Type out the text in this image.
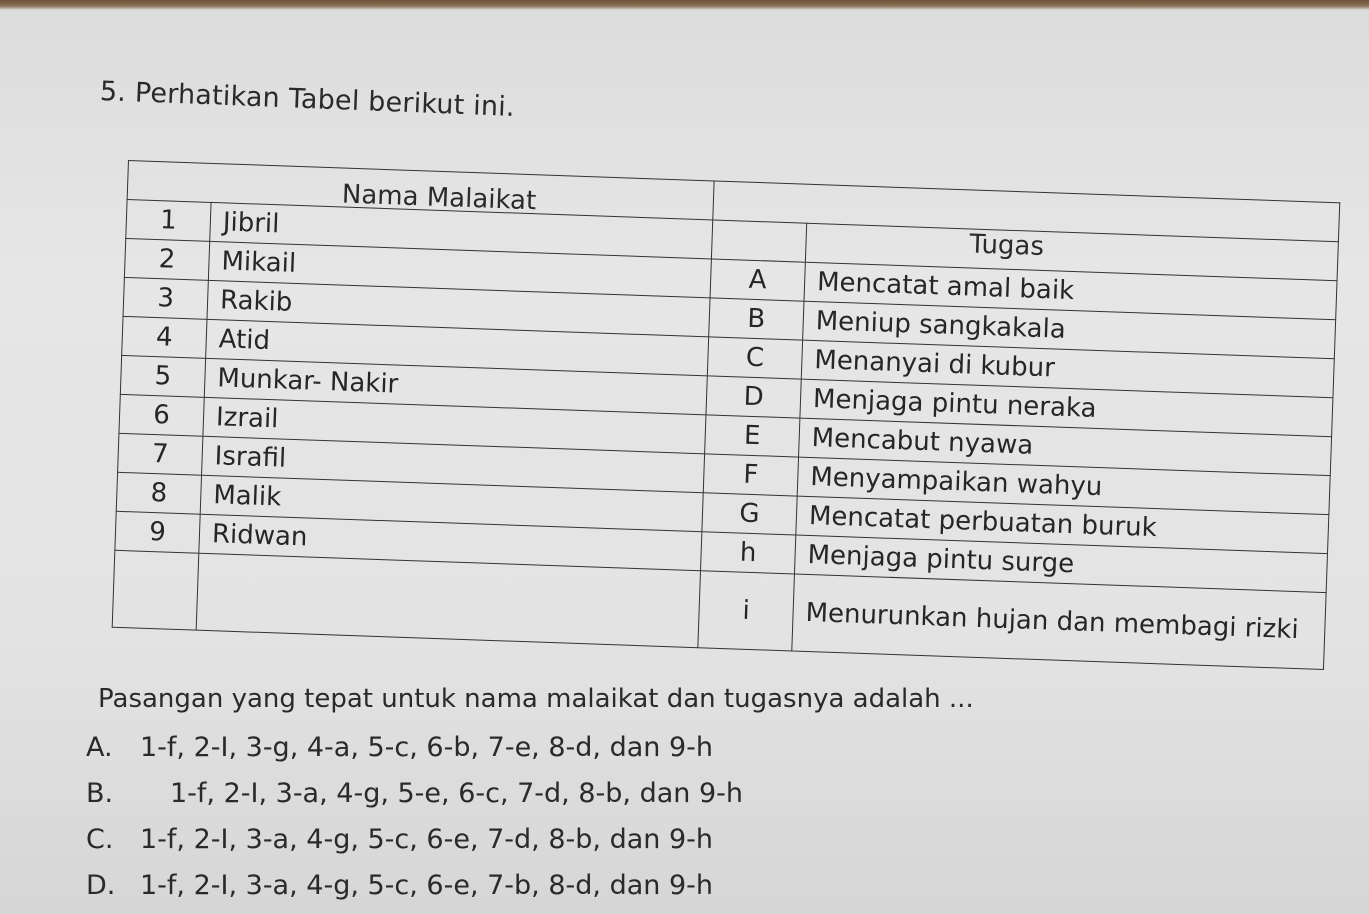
5. Perhatikan Tabel berikut ini.

1	Jibril		
2	Mikail	A	Mencatat amal baik
3	Rakib	B	Meniup sangkakala
4	Atid	C	Menanyai di kubur
5	Munkar- Nakir	D	Menjaga pintu neraka
6	Izrail	E	Mencabut nyawa
7	Israfil	F	Menyampaikan wahyu
8	Malik	G	Mencatat perbuatan buruk
9	Ridwan	h	Menjaga pintu surge
		i	Menurunkan hujan dan membagi rizki
Nama Malaikat
Tugas
Pasangan yang tepat untuk nama malaikat dan tugasnya adalah ...
A. 1-f, 2-I, 3-g, 4-a, 5-c, 6-b, 7-e, 8-d, dan 9-h
B. 1-f, 2-I, 3-a, 4-g, 5-e, 6-c, 7-d, 8-b, dan 9-h
C. 1-f, 2-I, 3-a, 4-g, 5-c, 6-e, 7-d, 8-b, dan 9-h
D. 1-f, 2-I, 3-a, 4-g, 5-c, 6-e, 7-b, 8-d, dan 9-h
